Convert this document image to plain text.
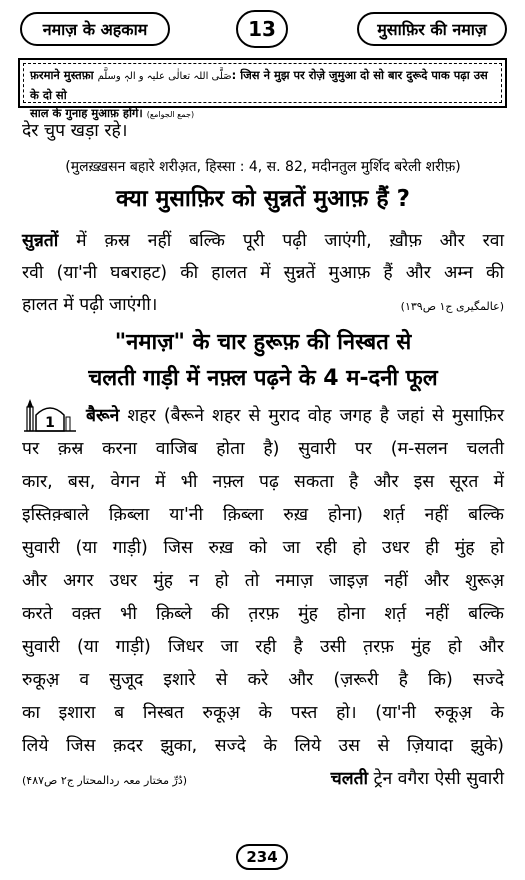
नमाज़ के अहकाम	13	मुसाफ़िर की नमाज़
फ़रमाने मुस्तफ़ा صَلَّی اللہ تعالٰی علیہ و الہٖ وسلَّم: जिस ने मुझ पर रोज़े जुमुआ दो सो बार दुरूदे पाक पढ़ा उस के दो सो
साल के गुनाह मुआफ़ होंगे। (جمع الجوامع)
देर चुप खड़ा रहे।
(मुलख़्ख़सन बहारे शरीअ़त, हिस्सा : 4, स. 82, मदीनतुल मुर्शिद बरेली शरीफ़)
क्या मुसाफ़िर को सुन्नतें मुआफ़ हैं ?
सुन्नतों में क़स्र नहीं बल्कि पूरी पढ़ी जाएंगी, ख़ौफ़ और रवा
रवी (या'नी घबराहट) की हालत में सुन्नतें मुआफ़ हैं और अम्न की
हालत में पढ़ी जाएंगी।	(عالمگیری ج١ ص١٣٩)
"नमाज़" के चार हुरूफ़ की निस्बत से
चलती गाड़ी में नफ़्ल पढ़ने के 4 म-दनी फूल
1 बैरूने शहर (बैरूने शहर से मुराद वोह जगह है जहां से मुसाफ़िर
पर क़स्र करना वाजिब होता है) सुवारी पर (म-सलन चलती
कार, बस, वेगन में भी नफ़्ल पढ़ सकता है और इस सूरत में
इस्तिक़्बाले क़िब्ला या'नी क़िब्ला रुख़ होना) शर्त़ नहीं बल्कि
सुवारी (या गाड़ी) जिस रुख़ को जा रही हो उधर ही मुंह हो
और अगर उधर मुंह न हो तो नमाज़ जाइज़ नहीं और शुरूअ़
करते वक़्त भी क़िब्ले की त़रफ़ मुंह होना शर्त़ नहीं बल्कि
सुवारी (या गाड़ी) जिधर जा रही है उसी त़रफ़ मुंह हो और
रुकूअ़ व सुजूद इशारे से करे और (ज़रूरी है कि) सज्दे
का इशारा ब निस्बत रुकूअ़ के पस्त हो। (या'नी रुकूअ़ के
लिये जिस क़दर झुका, सज्दे के लिये उस से ज़ियादा झुके)
(دُرِّ مختار معہ ردالمحتار ج۲ ص۴۸۷)	चलती ट्रेन वगैरा ऐसी सुवारी
234
